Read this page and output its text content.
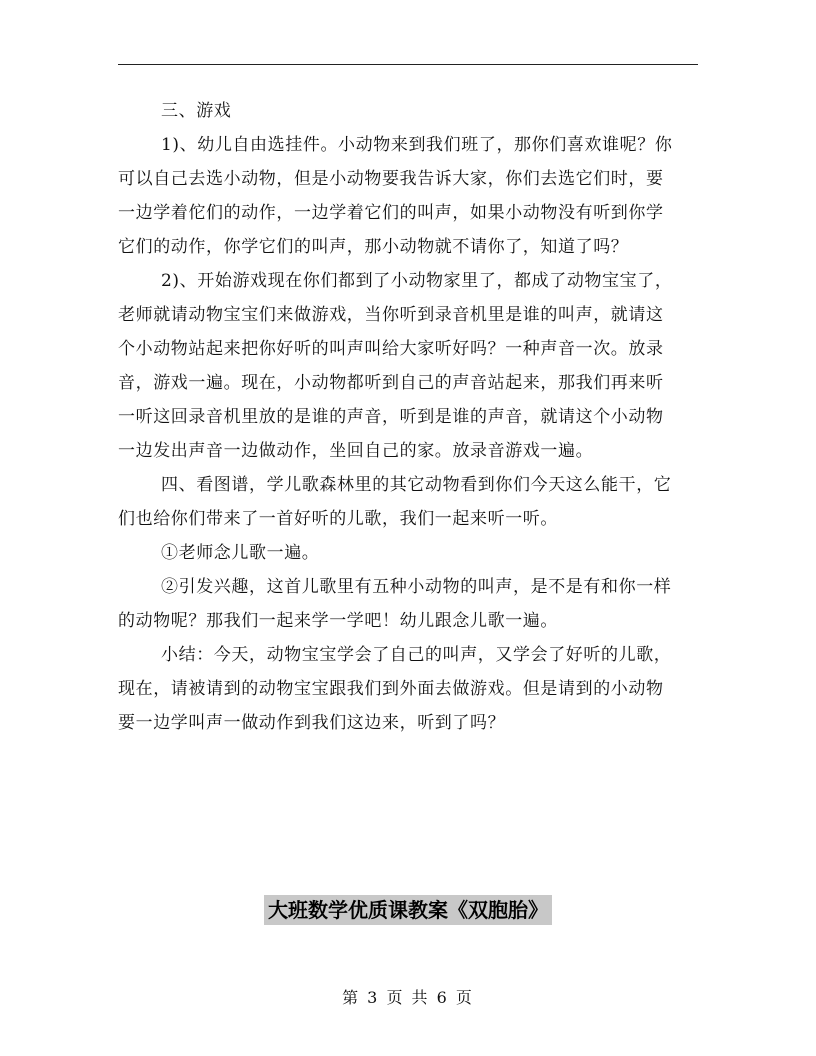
三、游戏

1)、幼儿自由选挂件。小动物来到我们班了，那你们喜欢谁呢？你
可以自己去选小动物，但是小动物要我告诉大家，你们去选它们时，要
一边学着佗们的动作，一边学着它们的叫声，如果小动物没有听到你学
它们的动作，你学它们的叫声，那小动物就不请你了，知道了吗？

2)、开始游戏现在你们都到了小动物家里了，都成了动物宝宝了，
老师就请动物宝宝们来做游戏，当你听到录音机里是谁的叫声，就请这
个小动物站起来把你好听的叫声叫给大家听好吗？一种声音一次。放录
音，游戏一遍。现在，小动物都听到自己的声音站起来，那我们再来听
一听这回录音机里放的是谁的声音，听到是谁的声音，就请这个小动物
一边发出声音一边做动作，坐回自己的家。放录音游戏一遍。

四、看图谱，学儿歌森林里的其它动物看到你们今天这么能干，它
们也给你们带来了一首好听的儿歌，我们一起来听一听。

①老师念儿歌一遍。

②引发兴趣，这首儿歌里有五种小动物的叫声，是不是有和你一样
的动物呢？那我们一起来学一学吧！幼儿跟念儿歌一遍。

小结：今天，动物宝宝学会了自己的叫声，又学会了好听的儿歌，
现在，请被请到的动物宝宝跟我们到外面去做游戏。但是请到的小动物
要一边学叫声一做动作到我们这边来，听到了吗？

大班数学优质课教案《双胞胎》
第 3 页 共 6 页
